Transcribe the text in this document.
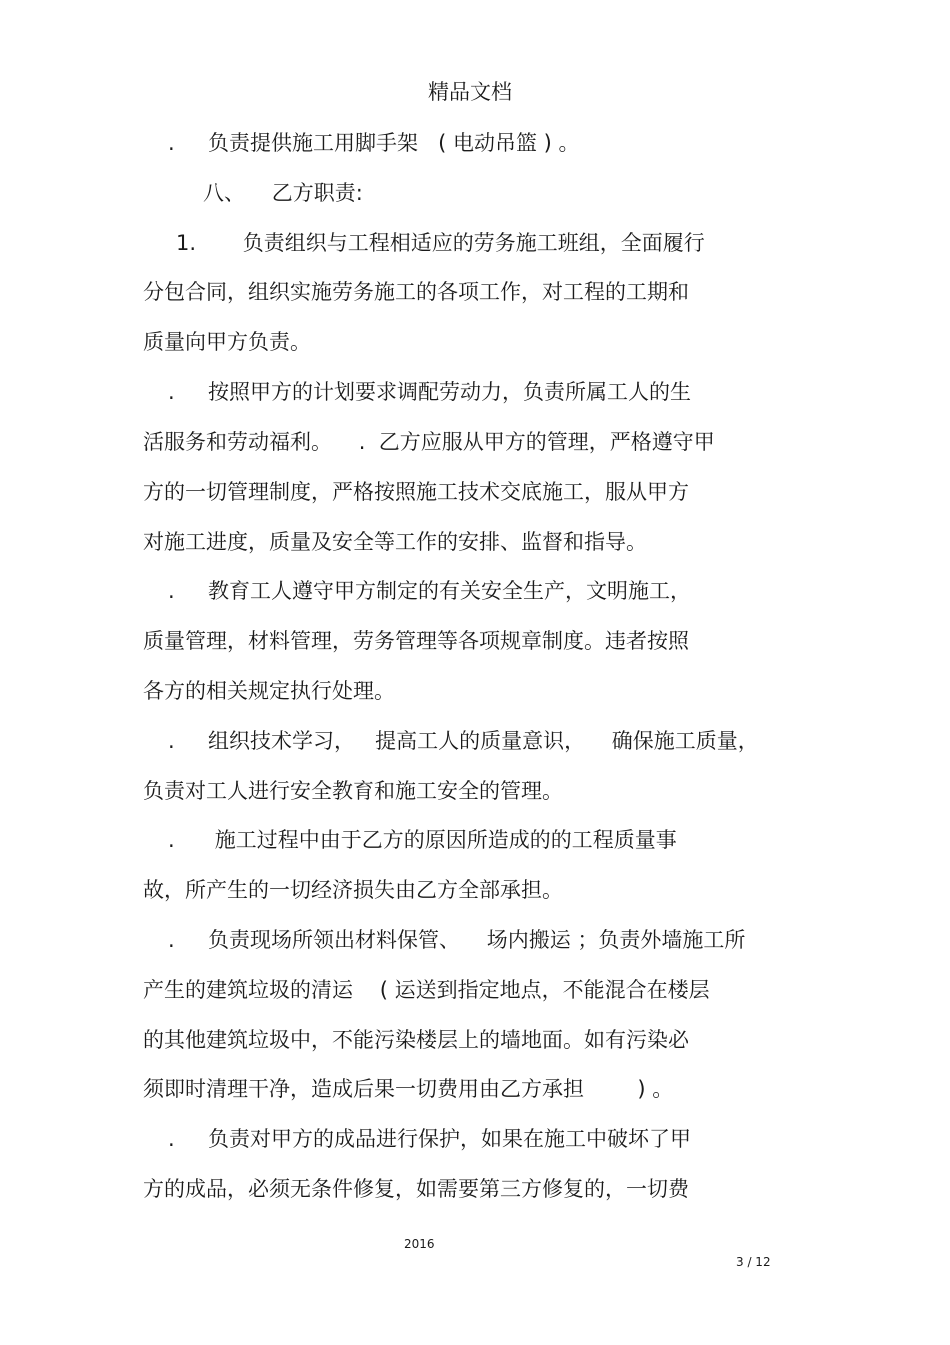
精品文档
.     负责提供施工用脚手架   ( 电动吊篮 ) 。
八、    乙方职责:
1.       负责组织与工程相适应的劳务施工班组，全面履行
分包合同，组织实施劳务施工的各项工作，对工程的工期和
质量向甲方负责。
.     按照甲方的计划要求调配劳动力，负责所属工人的生
活服务和劳动福利。    .  乙方应服从甲方的管理，严格遵守甲
方的一切管理制度，严格按照施工技术交底施工，服从甲方
对施工进度，质量及安全等工作的安排、监督和指导。
.     教育工人遵守甲方制定的有关安全生产，文明施工，
质量管理，材料管理，劳务管理等各项规章制度。违者按照
各方的相关规定执行处理。
.     组织技术学习，   提高工人的质量意识，    确保施工质量，
负责对工人进行安全教育和施工安全的管理。
.      施工过程中由于乙方的原因所造成的的工程质量事
故，所产生的一切经济损失由乙方全部承担。
.     负责现场所领出材料保管、    场内搬运 ；负责外墙施工所
产生的建筑垃圾的清运    ( 运送到指定地点，不能混合在楼层
的其他建筑垃圾中，不能污染楼层上的墙地面。如有污染必
须即时清理干净，造成后果一切费用由乙方承担        ) 。
.     负责对甲方的成品进行保护，如果在施工中破坏了甲
方的成品，必须无条件修复，如需要第三方修复的，一切费
2016
3 / 12
